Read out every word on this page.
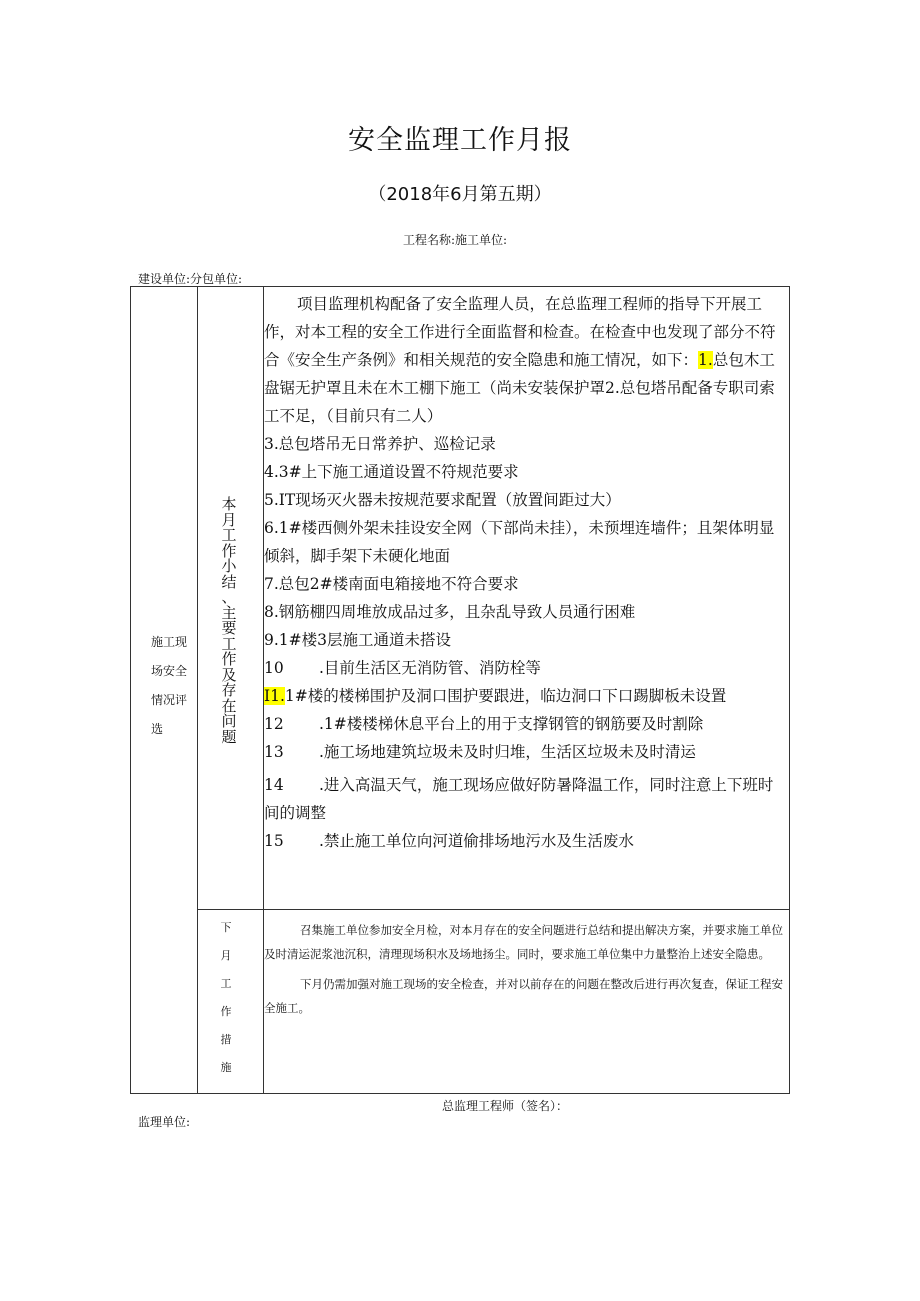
安全监理工作月报
（2018年6月第五期）
工程名称:施工单位:
建设单位:分包单位:
施工现
场安全
情况评
选
本
月
工
作
小
结
、
主
要
工
作
及
存
在
问
题
下
月
工
作
措
施

项目监理机构配备了安全监理人员，在总监理工程师的指导下开展工作，对本工程的安全工作进行全面监督和检查。在检查中也发现了部分不符合《安全生产条例》和相关规范的安全隐患和施工情况，如下：1.总包木工盘锯无护罩且未在木工棚下施工（尚未安装保护罩2.总包塔吊配备专职司索工不足，（目前只有二人）

3.总包塔吊无日常养护、巡检记录

4.3#上下施工通道设置不符规范要求

5.IT现场灭火器未按规范要求配置（放置间距过大）

6.1#楼西侧外架未挂设安全网（下部尚未挂），未预埋连墙件；且架体明显倾斜，脚手架下未硬化地面

7.总包2#楼南面电箱接地不符合要求

8.钢筋棚四周堆放成品过多，且杂乱导致人员通行困难

9.1#楼3层施工通道未搭设

10 .目前生活区无消防管、消防栓等

I1.1#楼的楼梯围护及洞口围护要跟进，临边洞口下口踢脚板未设置

12 .1#楼楼梯休息平台上的用于支撑钢管的钢筋要及时割除

13 .施工场地建筑垃圾未及时归堆，生活区垃圾未及时清运

14 .进入高温天气，施工现场应做好防暑降温工作，同时注意上下班时间的调整

15 .禁止施工单位向河道偷排场地污水及生活废水

召集施工单位参加安全月检，对本月存在的安全问题进行总结和提出解决方案，并要求施工单位及时清运泥浆池沉积，清理现场积水及场地扬尘。同时，要求施工单位集中力量整治上述安全隐患。

下月仍需加强对施工现场的安全检查，并对以前存在的问题在整改后进行再次复查，保证工程安全施工。

总监理工程师（签名）：
监理单位:
